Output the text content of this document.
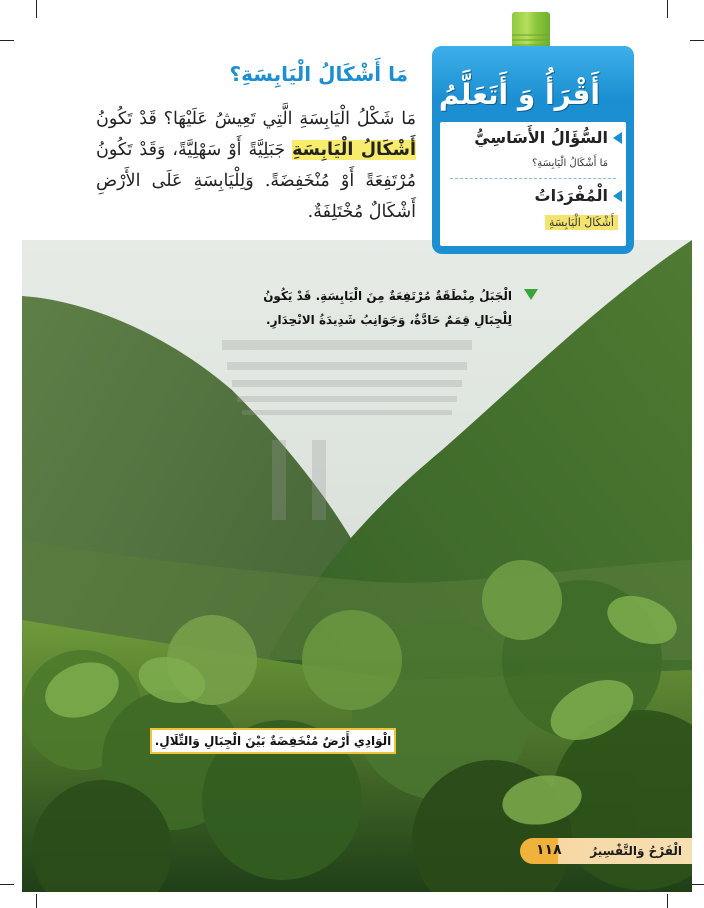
الْجَبَلُ مِنْطَقَةٌ مُرْتَفِعَةٌ مِنَ الْيَابِسَةِ. قَدْ يَكُونُ لِلْجِبَالِ قِمَمٌ حَادَّةٌ، وَجَوَانِبُ شَدِيدَةُ الانْحِدَارِ.
الْوَادِي أَرْضٌ مُنْخَفِضَةٌ بَيْنَ الْجِبَالِ وَالتِّلَالِ.
أَقْرَأُ وَ أَتَعَلَّمُ
السُّؤَالُ الأَسَاسِيُّ
مَا أَشْكَالُ الْيَابِسَةِ؟
الْمُفْرَدَاتُ
أَشْكَالُ الْيَابِسَةِ
مَا أَشْكَالُ الْيَابِسَةِ؟
مَا شَكْلُ الْيَابِسَةِ الَّتِي تَعِيشُ عَلَيْهَا؟ قَدْ تَكُونُ أَشْكَالُ الْيَابِسَةِ جَبَلِيَّةً أَوْ سَهْلِيَّةً، وَقَدْ تَكُونُ مُرْتَفِعَةً أَوْ مُنْخَفِضَةً. وَلِلْيَابِسَةِ عَلَى الأَرْضِ أَشْكَالٌ مُخْتَلِفَةٌ.
١١٨ الْفَرْحُ وَالتَّفْسِيرُ
